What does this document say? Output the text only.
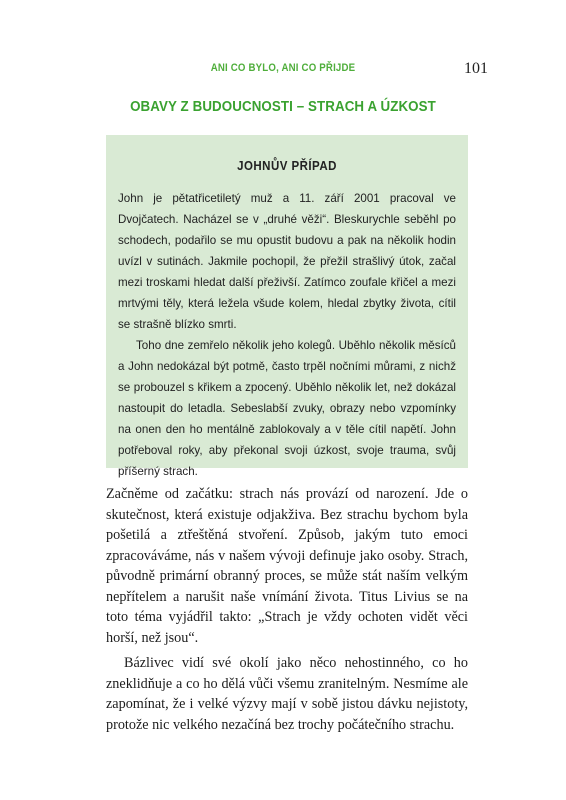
ANI CO BYLO, ANI CO PŘIJDE	101
OBAVY Z BUDOUCNOSTI – STRACH A ÚZKOST
JOHNŮV PŘÍPAD

John je pětatřicetiletý muž a 11. září 2001 pracoval ve Dvojčatech. Nacházel se v „druhé věži“. Bleskurychle seběhl po schodech, podařilo se mu opustit budovu a pak na několik hodin uvízl v sutinách. Jakmile pochopil, že přežil strašlivý útok, začal mezi troskami hledat další přeživší. Zatímco zoufale křičel a mezi mrtvými těly, která ležela všude kolem, hledal zbytky života, cítil se strašně blízko smrti.

Toho dne zemřelo několik jeho kolegů. Uběhlo několik měsíců a John nedokázal být potmě, často trpěl nočními můrami, z nichž se probouzel s křikem a zpocený. Uběhlo několik let, než dokázal nastoupit do letadla. Sebeslabší zvuky, obrazy nebo vzpomínky na onen den ho mentálně zablokovaly a v těle cítil napětí. John potřeboval roky, aby překonal svoji úzkost, svoje trauma, svůj příšerný strach.

Začněme od začátku: strach nás provází od narození. Jde o skutečnost, která existuje odjakživa. Bez strachu bychom byla pošetilá a ztřeštěná stvoření. Způsob, jakým tuto emoci zpracováváme, nás v našem vývoji definuje jako osoby. Strach, původně primární obranný proces, se může stát naším velkým nepřítelem a narušit naše vnímání života. Titus Livius se na toto téma vyjádřil takto: „Strach je vždy ochoten vidět věci horší, než jsou“.

Bázlivec vidí své okolí jako něco nehostinného, co ho zneklidňuje a co ho dělá vůči všemu zranitelným. Nesmíme ale zapomínat, že i velké výzvy mají v sobě jistou dávku nejistoty, protože nic velkého nezačíná bez trochy počátečního strachu.
